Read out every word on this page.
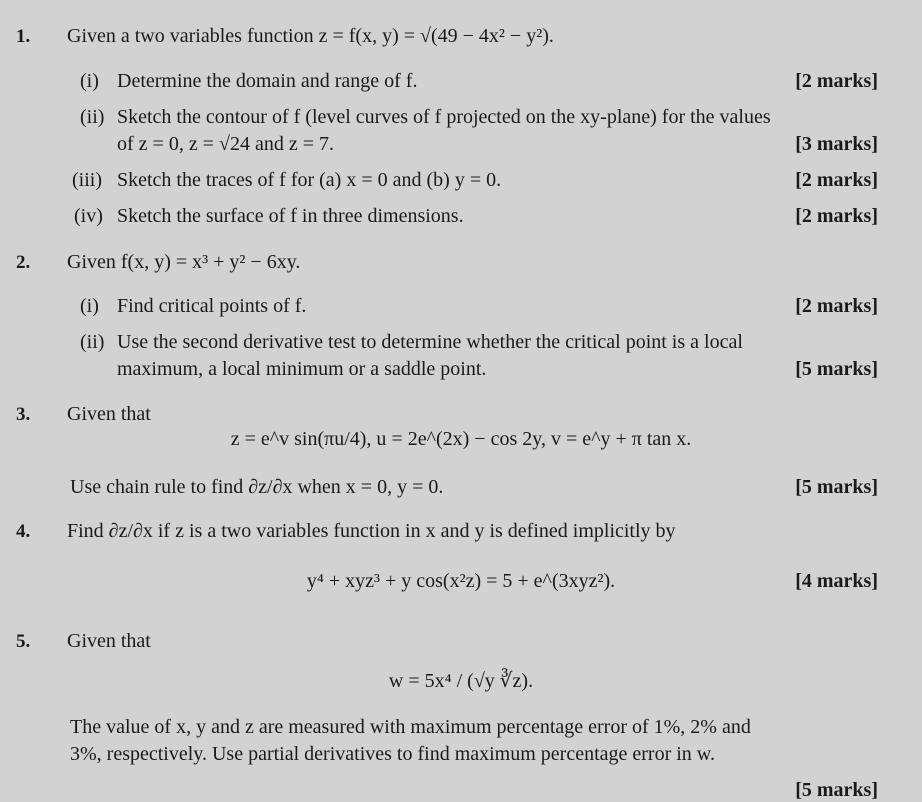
1. Given a two variables function z = f(x, y) = √(49 − 4x² − y²).
(i) Determine the domain and range of f.	[2 marks]
(ii) Sketch the contour of f (level curves of f projected on the xy-plane) for the values
of z = 0, z = √24 and z = 7.	[3 marks]
(iii) Sketch the traces of f for (a) x = 0 and (b) y = 0.	[2 marks]
(iv) Sketch the surface of f in three dimensions.	[2 marks]
2. Given f(x, y) = x³ + y² − 6xy.
(i) Find critical points of f.	[2 marks]
(ii) Use the second derivative test to determine whether the critical point is a local
maximum, a local minimum or a saddle point.	[5 marks]
3. Given that
z = e^v sin(πu/4), u = 2e^(2x) − cos 2y, v = e^y + π tan x.
Use chain rule to find ∂z/∂x when x = 0, y = 0.	[5 marks]
4. Find ∂z/∂x if z is a two variables function in x and y is defined implicitly by
y⁴ + xyz³ + y cos(x²z) = 5 + e^(3xyz²).	[4 marks]
5. Given that
w = 5x⁴ / (√y ∛z).
The value of x, y and z are measured with maximum percentage error of 1%, 2% and
3%, respectively. Use partial derivatives to find maximum percentage error in w.
[5 marks]
